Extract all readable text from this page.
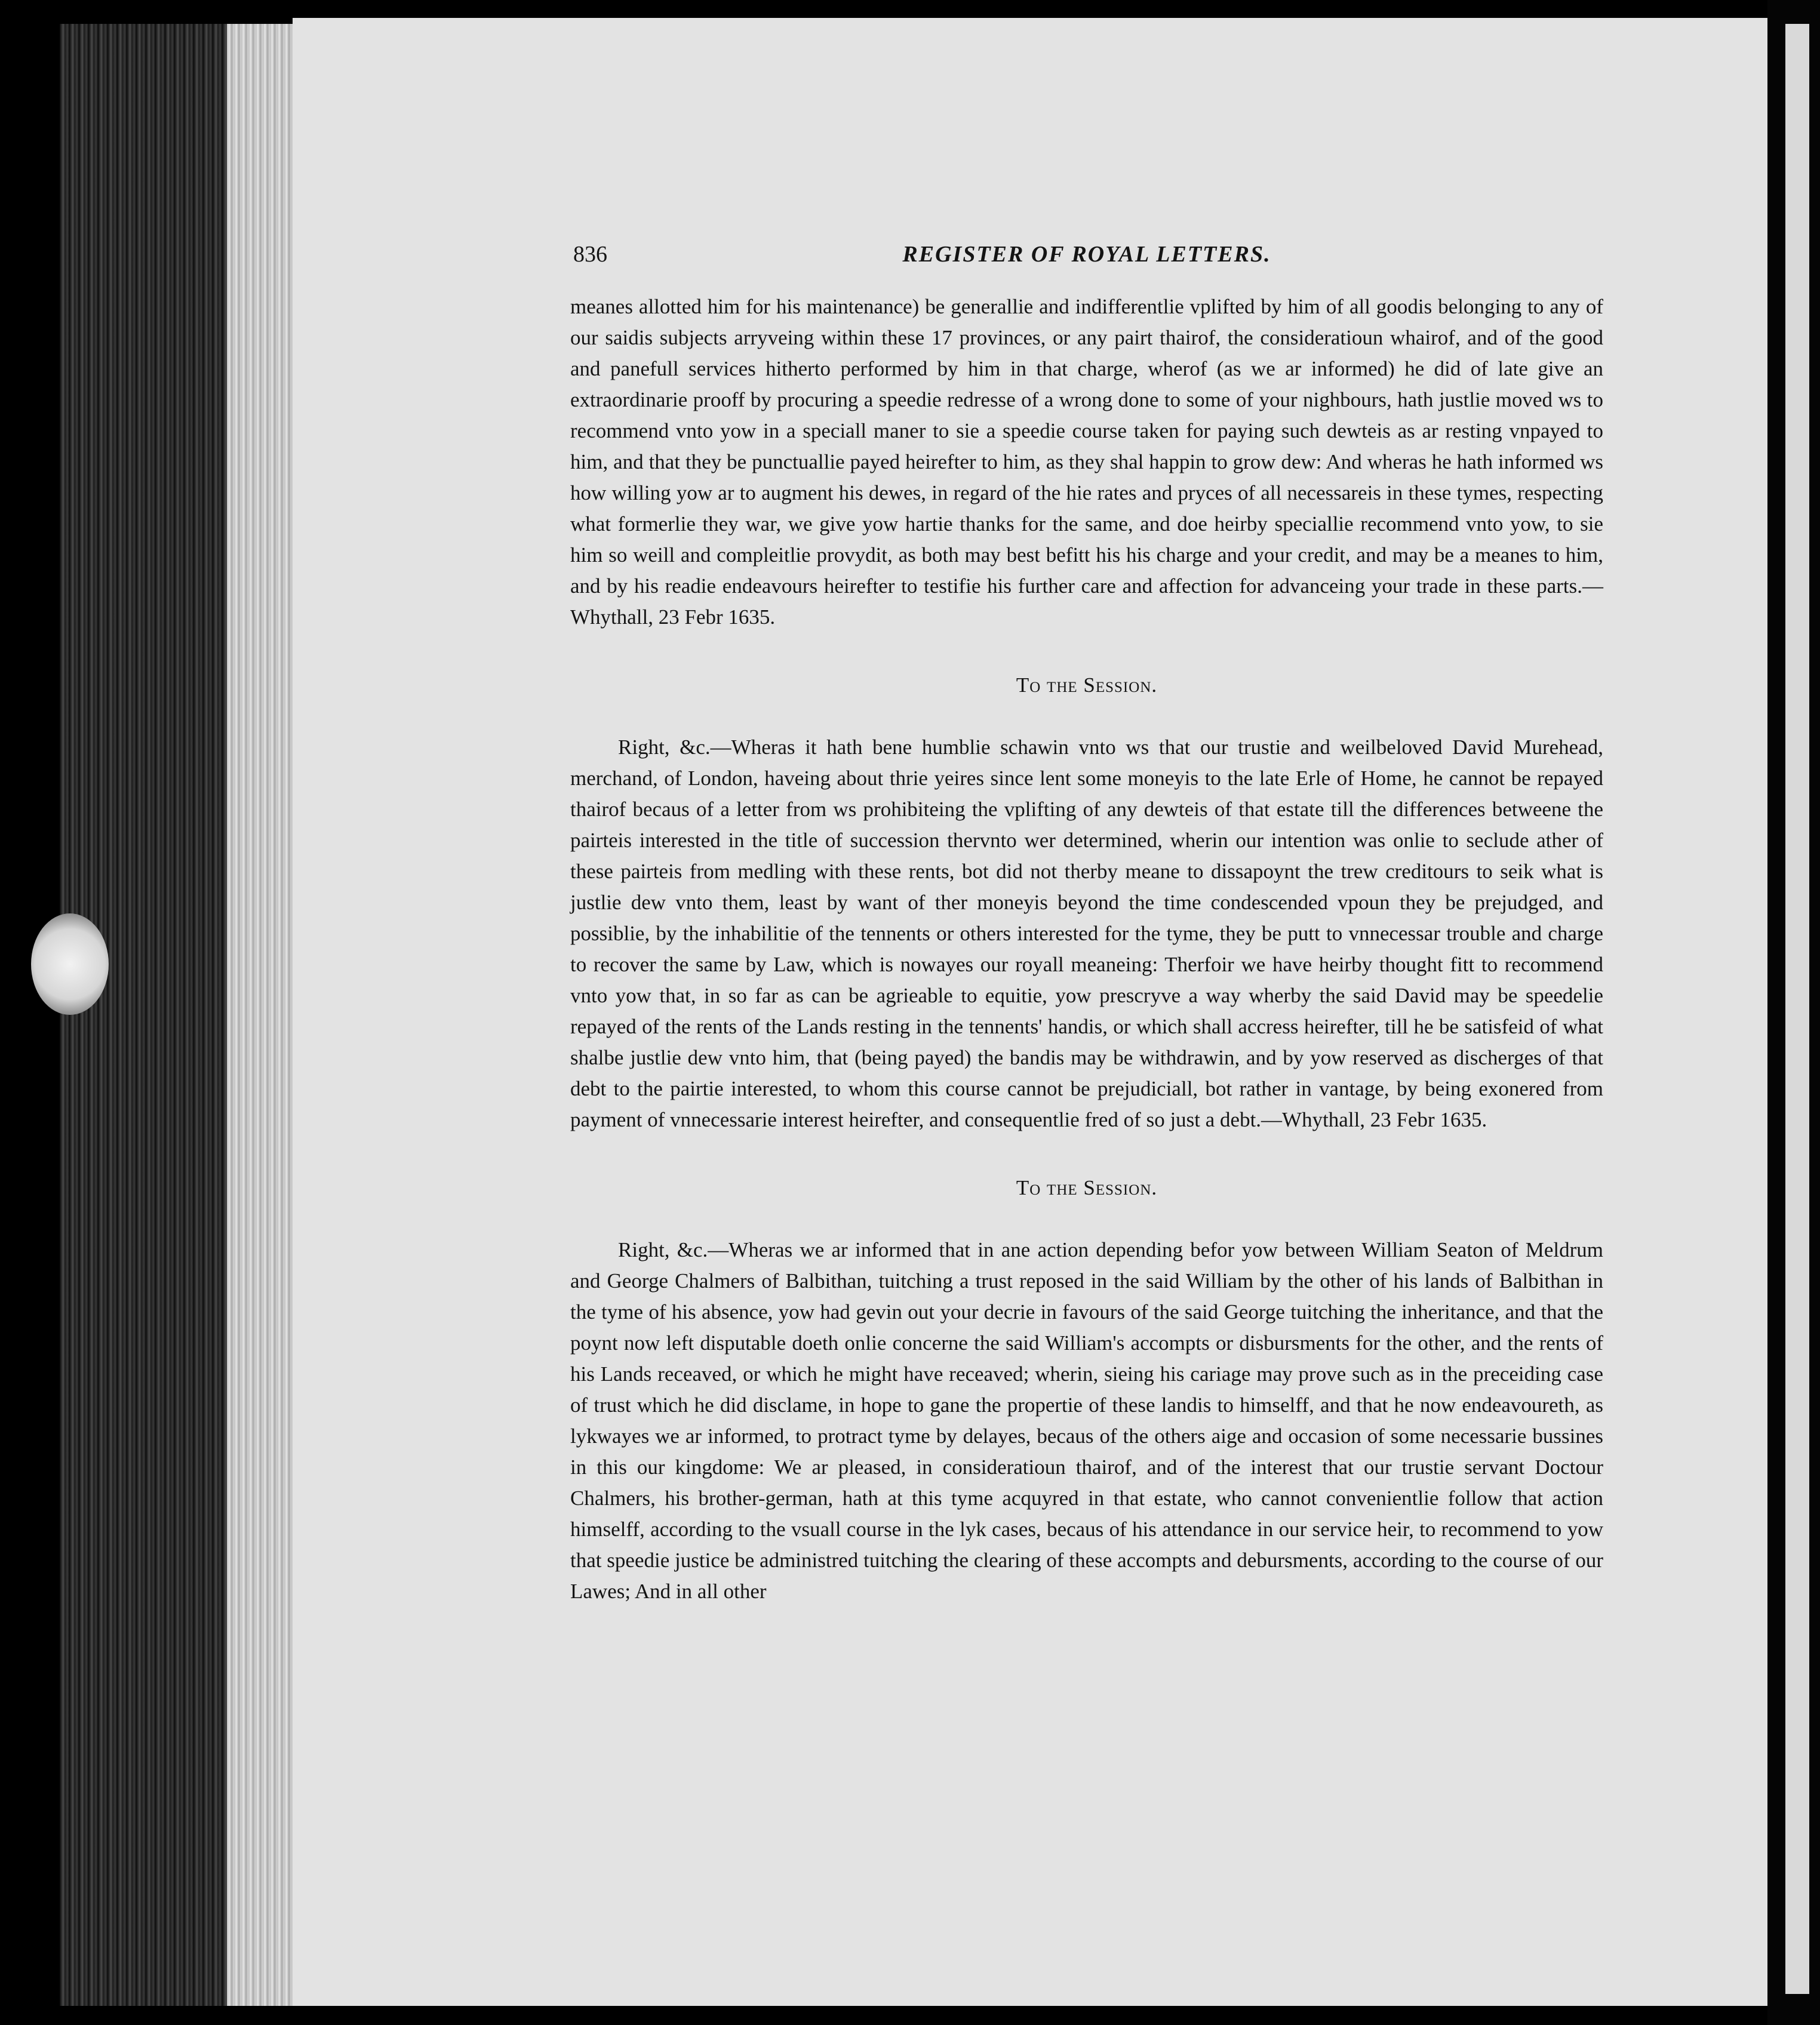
836	REGISTER OF ROYAL LETTERS.

meanes allotted him for his maintenance) be generallie and indifferentlie vplifted by him of all goodis belonging to any of our saidis subjects arryveing within these 17 provinces, or any pairt thairof, the consideratioun whairof, and of the good and panefull services hitherto performed by him in that charge, wherof (as we ar informed) he did of late give an extraordinarie prooff by procuring a speedie redresse of a wrong done to some of your nighbours, hath justlie moved ws to recommend vnto yow in a speciall maner to sie a speedie course taken for paying such dewteis as ar resting vnpayed to him, and that they be punctuallie payed heirefter to him, as they shal happin to grow dew: And wheras he hath informed ws how willing yow ar to augment his dewes, in regard of the hie rates and pryces of all necessareis in these tymes, respecting what formerlie they war, we give yow hartie thanks for the same, and doe heirby speciallie recommend vnto yow, to sie him so weill and compleitlie provydit, as both may best befitt his his charge and your credit, and may be a meanes to him, and by his readie endeavours heirefter to testifie his further care and affection for advanceing your trade in these parts.—Whythall, 23 Febr 1635.

To the Session.

Right, &c.—Wheras it hath bene humblie schawin vnto ws that our trustie and weilbeloved David Murehead, merchand, of London, haveing about thrie yeires since lent some moneyis to the late Erle of Home, he cannot be repayed thairof becaus of a letter from ws prohibiteing the vplifting of any dewteis of that estate till the differences betweene the pairteis interested in the title of succession thervnto wer determined, wherin our intention was onlie to seclude ather of these pairteis from medling with these rents, bot did not therby meane to dissapoynt the trew creditours to seik what is justlie dew vnto them, least by want of ther moneyis beyond the time condescended vpoun they be prejudged, and possiblie, by the inhabilitie of the tennents or others interested for the tyme, they be putt to vnnecessar trouble and charge to recover the same by Law, which is nowayes our royall meaneing: Therfoir we have heirby thought fitt to recommend vnto yow that, in so far as can be agrieable to equitie, yow prescryve a way wherby the said David may be speedelie repayed of the rents of the Lands resting in the tennents' handis, or which shall accress heirefter, till he be satisfeid of what shalbe justlie dew vnto him, that (being payed) the bandis may be withdrawin, and by yow reserved as discherges of that debt to the pairtie interested, to whom this course cannot be prejudiciall, bot rather in vantage, by being exonered from payment of vnnecessarie interest heirefter, and consequentlie fred of so just a debt.—Whythall, 23 Febr 1635.

To the Session.

Right, &c.—Wheras we ar informed that in ane action depending befor yow between William Seaton of Meldrum and George Chalmers of Balbithan, tuitching a trust reposed in the said William by the other of his lands of Balbithan in the tyme of his absence, yow had gevin out your decrie in favours of the said George tuitching the inheritance, and that the poynt now left disputable doeth onlie concerne the said William's accompts or disbursments for the other, and the rents of his Lands receaved, or which he might have receaved; wherin, sieing his cariage may prove such as in the preceiding case of trust which he did disclame, in hope to gane the propertie of these landis to himselff, and that he now endeavoureth, as lykwayes we ar informed, to protract tyme by delayes, becaus of the others aige and occasion of some necessarie bussines in this our kingdome: We ar pleased, in consideratioun thairof, and of the interest that our trustie servant Doctour Chalmers, his brother-german, hath at this tyme acquyred in that estate, who cannot convenientlie follow that action himselff, according to the vsuall course in the lyk cases, becaus of his attendance in our service heir, to recommend to yow that speedie justice be administred tuitching the clearing of these accompts and debursments, according to the course of our Lawes; And in all other
